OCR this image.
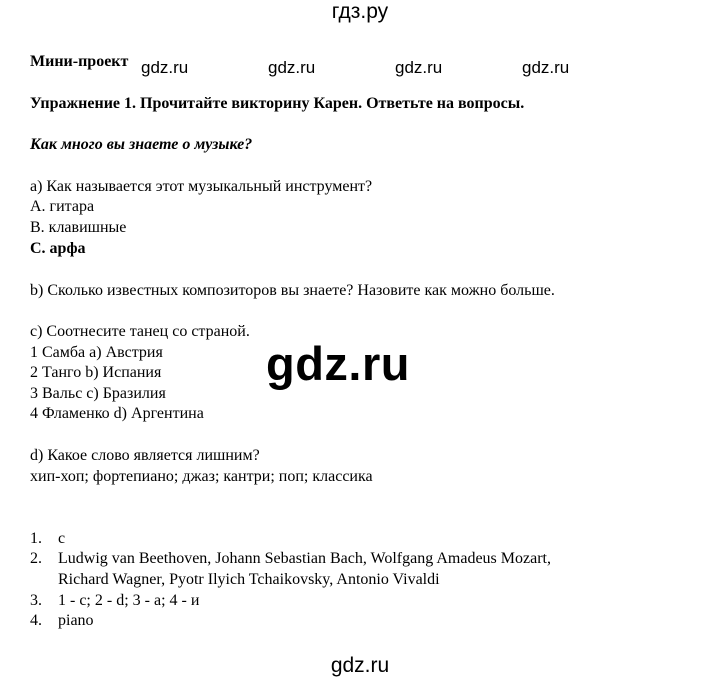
гдз.ру
Мини-проект gdz.ru	gdz.ru	gdz.ru	gdz.ru
Упражнение 1. Прочитайте викторину Карен. Ответьте на вопросы.
Как много вы знаете о музыке?
a) Как называется этот музыкальный инструмент?
A. гитара
B. клавишные
C. арфа
b) Сколько известных композиторов вы знаете? Назовите как можно больше.
c) Соотнесите танец со страной.
1 Самба a) Австрия
2 Танго b) Испания
3 Вальс c) Бразилия
4 Фламенко d) Аргентина
gdz.ru
d) Какое слово является лишним?
хип-хоп; фортепиано; джаз; кантри; поп; классика
1. c
2. Ludwig van Beethoven, Johann Sebastian Bach, Wolfgang Amadeus Mozart,
Richard Wagner, Pyotr Ilyich Tchaikovsky, Antonio Vivaldi
3. 1 - c; 2 - d; 3 - a; 4 - и
4. piano
gdz.ru
